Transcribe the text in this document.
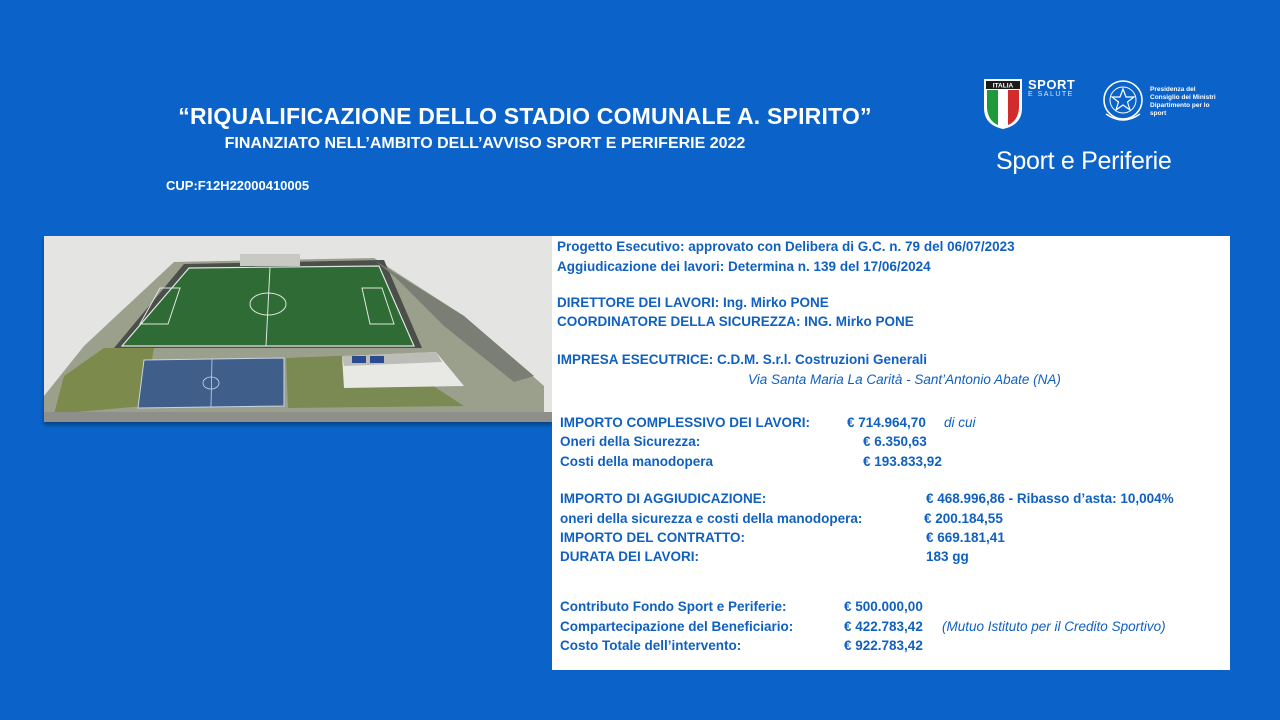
“RIQUALIFICAZIONE DELLO STADIO COMUNALE A. SPIRITO”
FINANZIATO NELL’AMBITO DELL’AVVISO SPORT E PERIFERIE 2022
CUP:F12H22000410005
ITALIA SPORT
E SALUTE
Presidenza del Consiglio dei Ministri Dipartimento per lo sport
Sport e Periferie
Progetto Esecutivo: approvato con Delibera di G.C. n. 79 del 06/07/2023
Aggiudicazione dei lavori: Determina n. 139 del 17/06/2024
DIRETTORE DEI LAVORI: Ing. Mirko PONE
COORDINATORE DELLA SICUREZZA: ING. Mirko PONE
IMPRESA ESECUTRICE: C.D.M. S.r.l. Costruzioni Generali
Via Santa Maria La Carità - Sant’Antonio Abate (NA)
IMPORTO COMPLESSIVO DEI LAVORI:	€ 714.964,70 di cui
Oneri della Sicurezza:	€ 6.350,63
Costi della manodopera	€ 193.833,92
IMPORTO DI AGGIUDICAZIONE:	€ 468.996,86 - Ribasso d’asta: 10,004%
oneri della sicurezza e costi della manodopera:	€ 200.184,55
IMPORTO DEL CONTRATTO:	€ 669.181,41
DURATA DEI LAVORI:	183 gg
Contributo Fondo Sport e Periferie:	€ 500.000,00
Compartecipazione del Beneficiario:	€ 422.783,42 (Mutuo Istituto per il Credito Sportivo)
Costo Totale dell’intervento:	€ 922.783,42
